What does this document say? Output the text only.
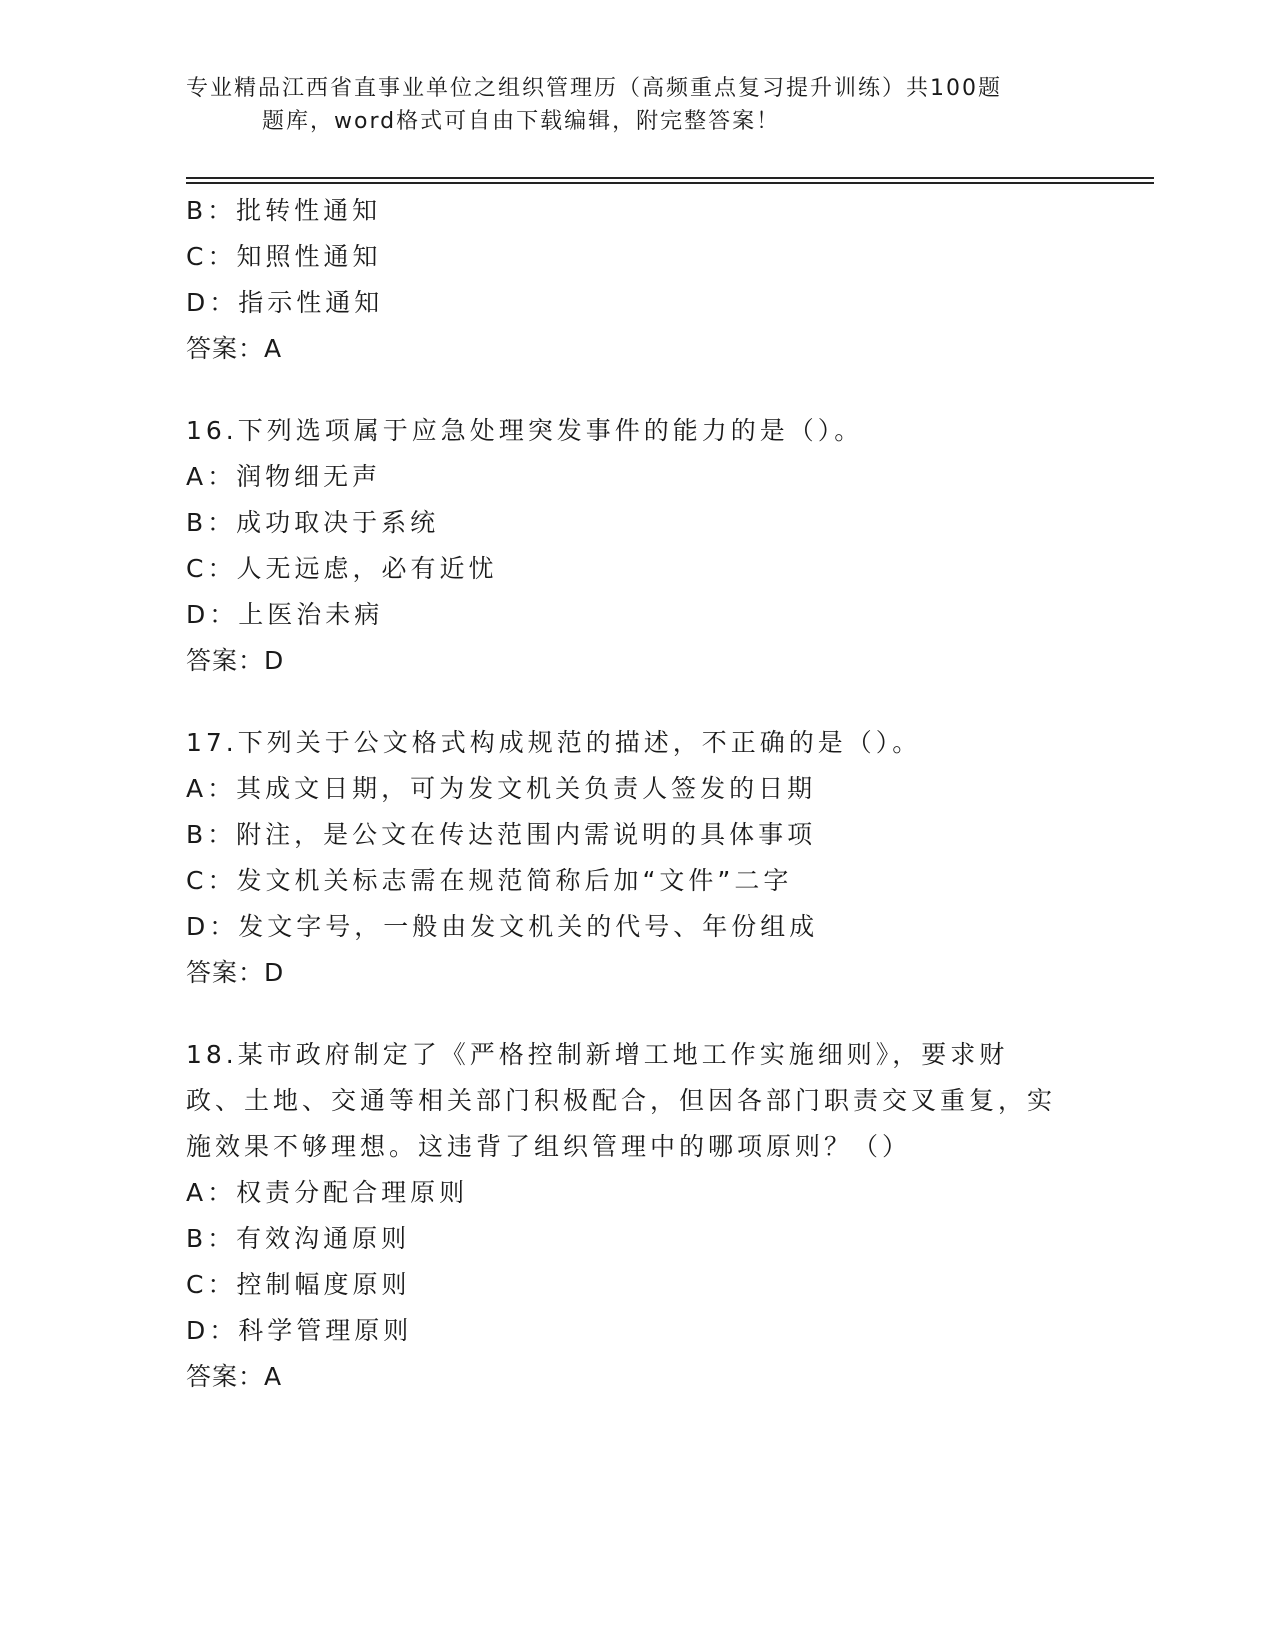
专业精品江西省直事业单位之组织管理历（高频重点复习提升训练）共100题
题库，word格式可自由下载编辑，附完整答案！
B：批转性通知
C：知照性通知
D：指示性通知
答案：A
16.下列选项属于应急处理突发事件的能力的是（）。
A：润物细无声
B：成功取决于系统
C：人无远虑，必有近忧
D：上医治未病
答案：D
17.下列关于公文格式构成规范的描述，不正确的是（）。
A：其成文日期，可为发文机关负责人签发的日期
B：附注，是公文在传达范围内需说明的具体事项
C：发文机关标志需在规范简称后加“文件”二字
D：发文字号，一般由发文机关的代号、年份组成
答案：D
18.某市政府制定了《严格控制新增工地工作实施细则》，要求财政、土地、交通等相关部门积极配合，但因各部门职责交叉重复，实施效果不够理想。这违背了组织管理中的哪项原则？（）
A：权责分配合理原则
B：有效沟通原则
C：控制幅度原则
D：科学管理原则
答案：A
